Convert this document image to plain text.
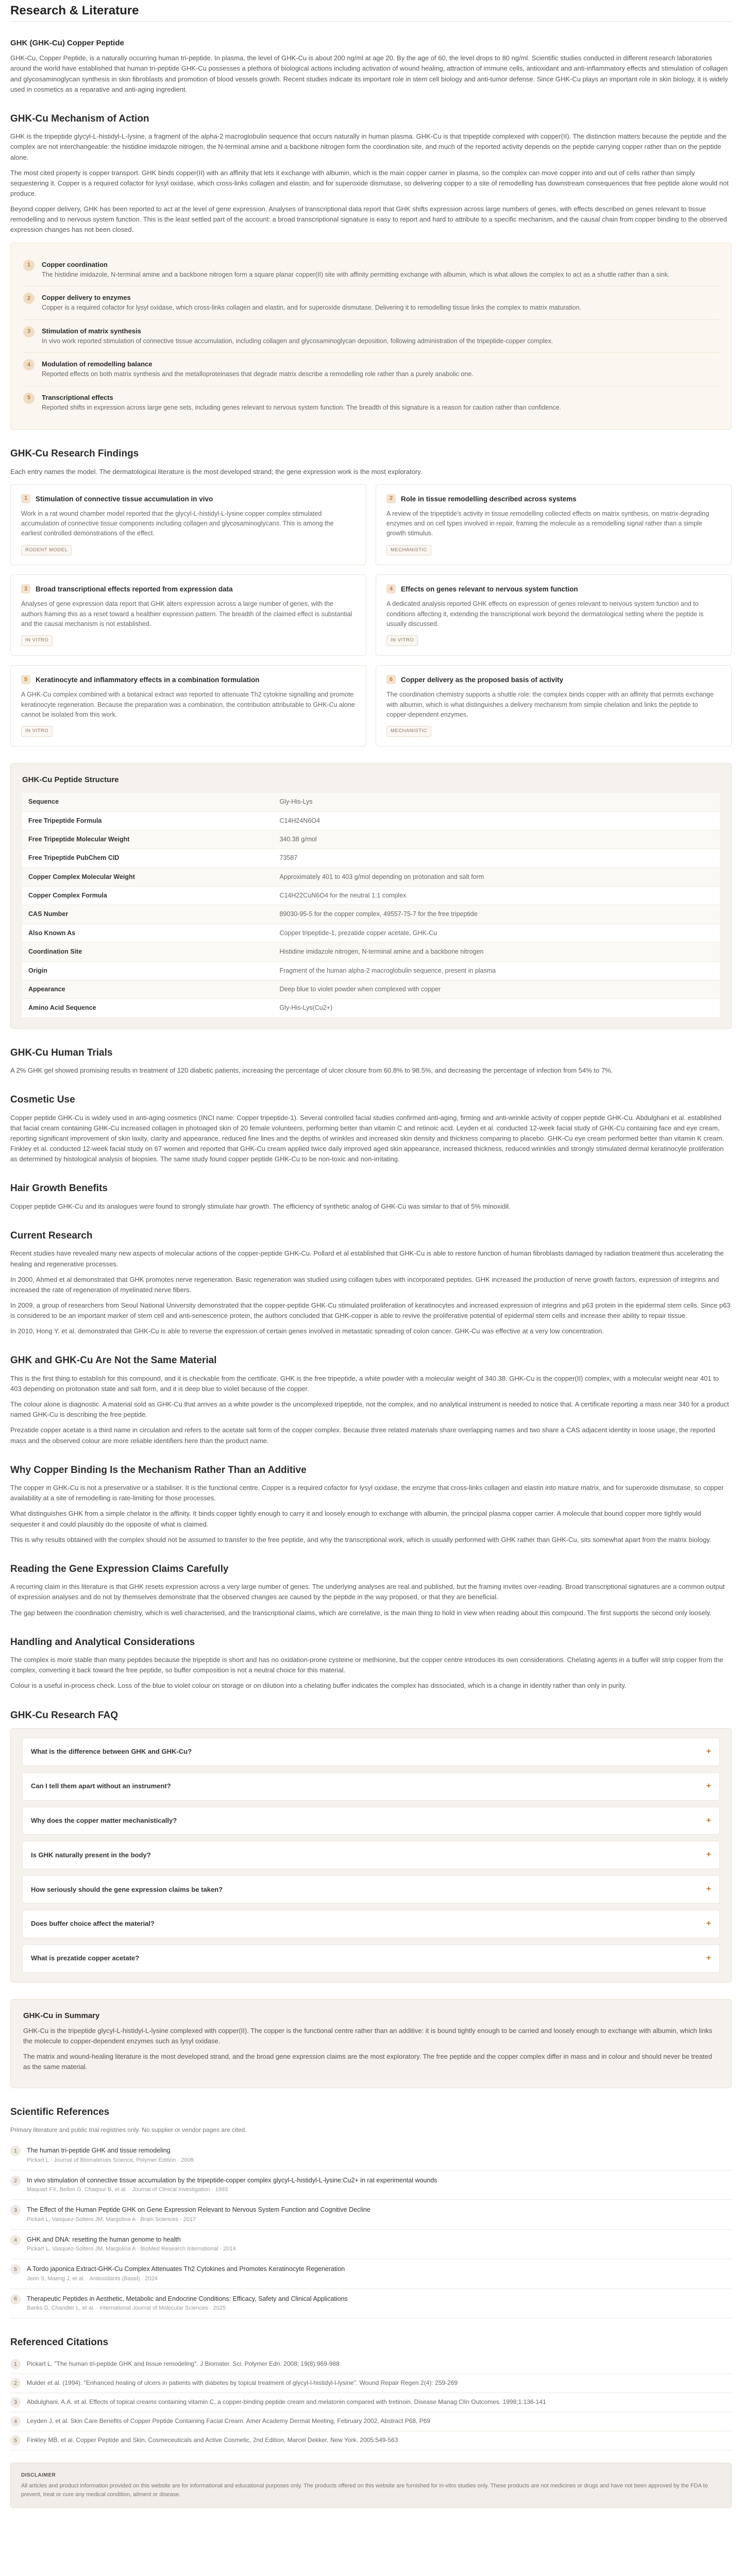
Research & Literature
GHK (GHK-Cu) Copper Peptide

GHK-Cu, Copper Peptide, is a naturally occurring human tri-peptide. In plasma, the level of GHK-Cu is about 200 ng/ml at age 20. By the age of 60, the level drops to 80 ng/ml. Scientific studies conducted in different research laboratories around the world have established that human tri-peptide GHK-Cu possesses a plethora of biological actions including activation of wound healing, attraction of immune cells, antioxidant and anti-inflammatory effects and stimulation of collagen and glycosaminoglycan synthesis in skin fibroblasts and promotion of blood vessels growth. Recent studies indicate its important role in stem cell biology and anti-tumor defense. Since GHK-Cu plays an important role in skin biology, it is widely used in cosmetics as a reparative and anti-aging ingredient.

GHK-Cu Mechanism of Action

GHK is the tripeptide glycyl-L-histidyl-L-lysine, a fragment of the alpha-2 macroglobulin sequence that occurs naturally in human plasma. GHK-Cu is that tripeptide complexed with copper(II). The distinction matters because the peptide and the complex are not interchangeable: the histidine imidazole nitrogen, the N-terminal amine and a backbone nitrogen form the coordination site, and much of the reported activity depends on the peptide carrying copper rather than on the peptide alone.

The most cited property is copper transport. GHK binds copper(II) with an affinity that lets it exchange with albumin, which is the main copper carrier in plasma, so the complex can move copper into and out of cells rather than simply sequestering it. Copper is a required cofactor for lysyl oxidase, which cross-links collagen and elastin, and for superoxide dismutase, so delivering copper to a site of remodelling has downstream consequences that free peptide alone would not produce.

Beyond copper delivery, GHK has been reported to act at the level of gene expression. Analyses of transcriptional data report that GHK shifts expression across large numbers of genes, with effects described on genes relevant to tissue remodelling and to nervous system function. This is the least settled part of the account: a broad transcriptional signature is easy to report and hard to attribute to a specific mechanism, and the causal chain from copper binding to the observed expression changes has not been closed.

1	Copper coordination
The histidine imidazole, N-terminal amine and a backbone nitrogen form a square planar copper(II) site with affinity permitting exchange with albumin, which is what allows the complex to act as a shuttle rather than a sink.
2	Copper delivery to enzymes
Copper is a required cofactor for lysyl oxidase, which cross-links collagen and elastin, and for superoxide dismutase. Delivering it to remodelling tissue links the complex to matrix maturation.
3	Stimulation of matrix synthesis
In vivo work reported stimulation of connective tissue accumulation, including collagen and glycosaminoglycan deposition, following administration of the tripeptide-copper complex.
4	Modulation of remodelling balance
Reported effects on both matrix synthesis and the metalloproteinases that degrade matrix describe a remodelling role rather than a purely anabolic one.
5	Transcriptional effects
Reported shifts in expression across large gene sets, including genes relevant to nervous system function. The breadth of this signature is a reason for caution rather than confidence.
GHK-Cu Research Findings

Each entry names the model. The dermatological literature is the most developed strand; the gene expression work is the most exploratory.

1	Stimulation of connective tissue accumulation in vivo

Work in a rat wound chamber model reported that the glycyl-L-histidyl-L-lysine:copper complex stimulated accumulation of connective tissue components including collagen and glycosaminoglycans. This is among the earliest controlled demonstrations of the effect.

RODENT MODEL
2	Role in tissue remodelling described across systems

A review of the tripeptide's activity in tissue remodelling collected effects on matrix synthesis, on matrix-degrading enzymes and on cell types involved in repair, framing the molecule as a remodelling signal rather than a simple growth stimulus.

MECHANISTIC
3	Broad transcriptional effects reported from expression data

Analyses of gene expression data report that GHK alters expression across a large number of genes, with the authors framing this as a reset toward a healthier expression pattern. The breadth of the claimed effect is substantial and the causal mechanism is not established.

IN VITRO
4	Effects on genes relevant to nervous system function

A dedicated analysis reported GHK effects on expression of genes relevant to nervous system function and to conditions affecting it, extending the transcriptional work beyond the dermatological setting where the peptide is usually discussed.

IN VITRO
5	Keratinocyte and inflammatory effects in a combination formulation

A GHK-Cu complex combined with a botanical extract was reported to attenuate Th2 cytokine signalling and promote keratinocyte regeneration. Because the preparation was a combination, the contribution attributable to GHK-Cu alone cannot be isolated from this work.

IN VITRO
6	Copper delivery as the proposed basis of activity

The coordination chemistry supports a shuttle role: the complex binds copper with an affinity that permits exchange with albumin, which is what distinguishes a delivery mechanism from simple chelation and links the peptide to copper-dependent enzymes.

MECHANISTIC
GHK-Cu Peptide Structure
Sequence	Gly-His-Lys
Free Tripeptide Formula	C14H24N6O4
Free Tripeptide Molecular Weight	340.38 g/mol
Free Tripeptide PubChem CID	73587
Copper Complex Molecular Weight	Approximately 401 to 403 g/mol depending on protonation and salt form
Copper Complex Formula	C14H22CuN6O4 for the neutral 1:1 complex
CAS Number	89030-95-5 for the copper complex, 49557-75-7 for the free tripeptide
Also Known As	Copper tripeptide-1, prezatide copper acetate, GHK-Cu
Coordination Site	Histidine imidazole nitrogen, N-terminal amine and a backbone nitrogen
Origin	Fragment of the human alpha-2 macroglobulin sequence, present in plasma
Appearance	Deep blue to violet powder when complexed with copper
Amino Acid Sequence	Gly-His-Lys(Cu2+)
GHK-Cu Human Trials

A 2% GHK gel showed promising results in treatment of 120 diabetic patients, increasing the percentage of ulcer closure from 60.8% to 98.5%, and decreasing the percentage of infection from 54% to 7%.

Cosmetic Use

Copper peptide GHK-Cu is widely used in anti-aging cosmetics (INCI name: Copper tripeptide-1). Several controlled facial studies confirmed anti-aging, firming and anti-wrinkle activity of copper peptide GHK-Cu. Abdulghani et al. established that facial cream containing GHK-Cu increased collagen in photoaged skin of 20 female volunteers, performing better than vitamin C and retinoic acid. Leyden et al. conducted 12-week facial study of GHK-Cu containing face and eye cream, reporting significant improvement of skin laxity, clarity and appearance, reduced fine lines and the depths of wrinkles and increased skin density and thickness comparing to placebo. GHK-Cu eye cream performed better than vitamin K cream. Finkley et al. conducted 12-week facial study on 67 women and reported that GHK-Cu cream applied twice daily improved aged skin appearance, increased thickness, reduced wrinkles and strongly stimulated dermal keratinocyte proliferation as determined by histological analysis of biopsies. The same study found copper peptide GHK-Cu to be non-toxic and non-irritating.

Hair Growth Benefits

Copper peptide GHK-Cu and its analogues were found to strongly stimulate hair growth. The efficiency of synthetic analog of GHK-Cu was similar to that of 5% minoxidil.

Current Research

Recent studies have revealed many new aspects of molecular actions of the copper-peptide GHK-Cu. Pollard et al established that GHK-Cu is able to restore function of human fibroblasts damaged by radiation treatment thus accelerating the healing and regenerative processes.

In 2000, Ahmed et al demonstrated that GHK promotes nerve regeneration. Basic regeneration was studied using collagen tubes with incorporated peptides. GHK increased the production of nerve growth factors, expression of integrins and increased the rate of regeneration of myelinated nerve fibers.

In 2009, a group of researchers from Seoul National University demonstrated that the copper-peptide GHK-Cu stimulated proliferation of keratinocytes and increased expression of integrins and p63 protein in the epidermal stem cells. Since p63 is considered to be an important marker of stem cell and anti-senescence protein, the authors concluded that GHK-copper is able to revive the proliferative potential of epidermal stem cells and increase their ability to repair tissue.

In 2010, Hong Y. et al. demonstrated that GHK-Cu is able to reverse the expression of certain genes involved in metastatic spreading of colon cancer. GHK-Cu was effective at a very low concentration.

GHK and GHK-Cu Are Not the Same Material

This is the first thing to establish for this compound, and it is checkable from the certificate. GHK is the free tripeptide, a white powder with a molecular weight of 340.38. GHK-Cu is the copper(II) complex, with a molecular weight near 401 to 403 depending on protonation state and salt form, and it is deep blue to violet because of the copper.

The colour alone is diagnostic. A material sold as GHK-Cu that arrives as a white powder is the uncomplexed tripeptide, not the complex, and no analytical instrument is needed to notice that. A certificate reporting a mass near 340 for a product named GHK-Cu is describing the free peptide.

Prezatide copper acetate is a third name in circulation and refers to the acetate salt form of the copper complex. Because three related materials share overlapping names and two share a CAS adjacent identity in loose usage, the reported mass and the observed colour are more reliable identifiers here than the product name.

Why Copper Binding Is the Mechanism Rather Than an Additive

The copper in GHK-Cu is not a preservative or a stabiliser. It is the functional centre. Copper is a required cofactor for lysyl oxidase, the enzyme that cross-links collagen and elastin into mature matrix, and for superoxide dismutase, so copper availability at a site of remodelling is rate-limiting for those processes.

What distinguishes GHK from a simple chelator is the affinity. It binds copper tightly enough to carry it and loosely enough to exchange with albumin, the principal plasma copper carrier. A molecule that bound copper more tightly would sequester it and could plausibly do the opposite of what is claimed.

This is why results obtained with the complex should not be assumed to transfer to the free peptide, and why the transcriptional work, which is usually performed with GHK rather than GHK-Cu, sits somewhat apart from the matrix biology.

Reading the Gene Expression Claims Carefully

A recurring claim in this literature is that GHK resets expression across a very large number of genes. The underlying analyses are real and published, but the framing invites over-reading. Broad transcriptional signatures are a common output of expression analyses and do not by themselves demonstrate that the observed changes are caused by the peptide in the way proposed, or that they are beneficial.

The gap between the coordination chemistry, which is well characterised, and the transcriptional claims, which are correlative, is the main thing to hold in view when reading about this compound. The first supports the second only loosely.

Handling and Analytical Considerations

The complex is more stable than many peptides because the tripeptide is short and has no oxidation-prone cysteine or methionine, but the copper centre introduces its own considerations. Chelating agents in a buffer will strip copper from the complex, converting it back toward the free peptide, so buffer composition is not a neutral choice for this material.

Colour is a useful in-process check. Loss of the blue to violet colour on storage or on dilution into a chelating buffer indicates the complex has dissociated, which is a change in identity rather than only in purity.

GHK-Cu Research FAQ
What is the difference between GHK and GHK-Cu?	+
Can I tell them apart without an instrument?	+
Why does the copper matter mechanistically?	+
Is GHK naturally present in the body?	+
How seriously should the gene expression claims be taken?	+
Does buffer choice affect the material?	+
What is prezatide copper acetate?	+
GHK-Cu in Summary

GHK-Cu is the tripeptide glycyl-L-histidyl-L-lysine complexed with copper(II). The copper is the functional centre rather than an additive: it is bound tightly enough to be carried and loosely enough to exchange with albumin, which links the molecule to copper-dependent enzymes such as lysyl oxidase.

The matrix and wound-healing literature is the most developed strand, and the broad gene expression claims are the most exploratory. The free peptide and the copper complex differ in mass and in colour and should never be treated as the same material.

Scientific References

Primary literature and public trial registries only. No supplier or vendor pages are cited.

1	The human tri-peptide GHK and tissue remodeling
Pickart L · Journal of Biomaterials Science, Polymer Edition · 2008
2	In vivo stimulation of connective tissue accumulation by the tripeptide-copper complex glycyl-L-histidyl-L-lysine:Cu2+ in rat experimental wounds
Maquart FX, Bellon G, Chaqour B, et al. · Journal of Clinical Investigation · 1993
3	The Effect of the Human Peptide GHK on Gene Expression Relevant to Nervous System Function and Cognitive Decline
Pickart L, Vasquez-Soltero JM, Margolina A · Brain Sciences · 2017
4	GHK and DNA: resetting the human genome to health
Pickart L, Vasquez-Soltero JM, Margolina A · BioMed Research International · 2014
5	A Tordo japonica Extract-GHK-Cu Complex Attenuates Th2 Cytokines and Promotes Keratinocyte Regeneration
Jeon S, Maeng J, et al. · Antioxidants (Basel) · 2024
6	Therapeutic Peptides in Aesthetic, Metabolic and Endocrine Conditions: Efficacy, Safety and Clinical Applications
Banks D, Chandler L, et al. · International Journal of Molecular Sciences · 2025
Referenced Citations
1	Pickart L. "The human tri-peptide GHK and tissue remodeling". J Biomater. Sci. Polymer Edn. 2008; 19(8):969-988
2	Mulder et al. (1994). "Enhanced healing of ulcers in patients with diabetes by topical treatment of glycyl-l-histidyl-l-lysine". Wound Repair Regen 2(4): 259-269
3	Abdulghani, A.A. et al. Effects of topical creams containing vitamin C, a copper-binding peptide cream and melatonin compared with tretinoin. Disease Manag Clin Outcomes. 1998;1:136-141
4	Leyden J. et al. Skin Care Benefits of Copper Peptide Containing Facial Cream. Amer Academy Dermat Meeting, February 2002, Abstract P68, P69
5	Finkley MB, et al. Copper Peptide and Skin. Cosmeceuticals and Active Cosmetic, 2nd Edition, Marcel Dekker, New York. 2005:549-563
DISCLAIMER
All articles and product information provided on this website are for informational and educational purposes only. The products offered on this website are furnished for in-vitro studies only. These products are not medicines or drugs and have not been approved by the FDA to prevent, treat or cure any medical condition, ailment or disease.
